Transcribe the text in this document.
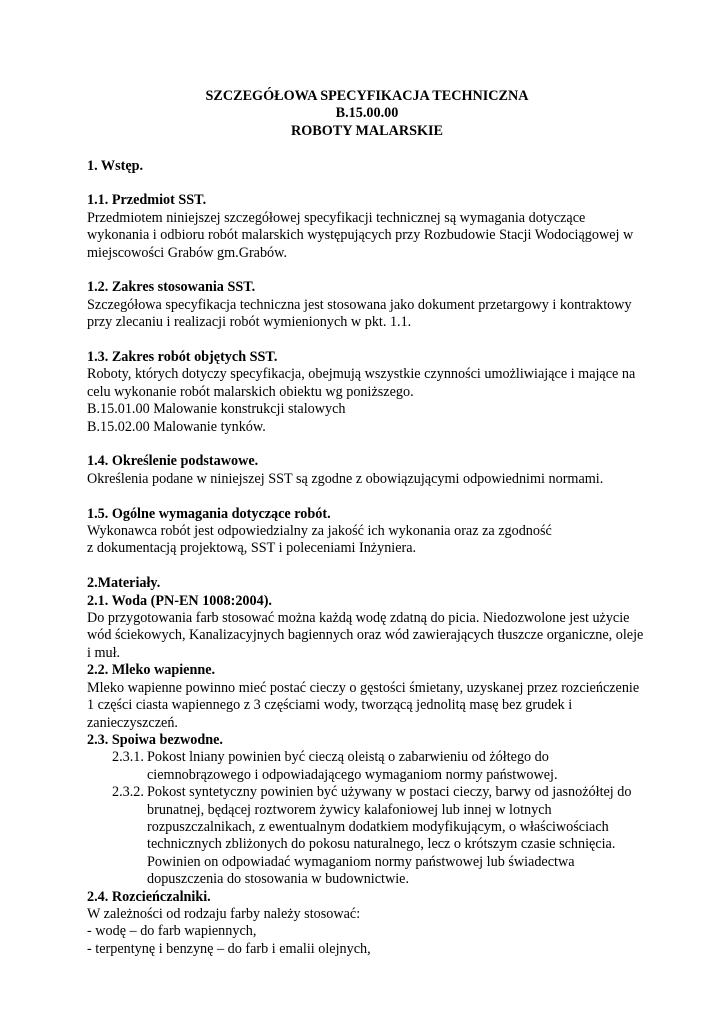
SZCZEGÓŁOWA SPECYFIKACJA TECHNICZNA

B.15.00.00

ROBOTY MALARSKIE

1. Wstęp.

1.1. Przedmiot SST.

Przedmiotem niniejszej szczegółowej specyfikacji technicznej są wymagania dotyczące wykonania i odbioru robót malarskich występujących przy Rozbudowie Stacji Wodociągowej w miejscowości Grabów gm.Grabów.

1.2. Zakres stosowania SST.

Szczegółowa specyfikacja techniczna jest stosowana jako dokument przetargowy i kontraktowy przy zlecaniu i realizacji robót wymienionych w pkt. 1.1.

1.3. Zakres robót objętych SST.

Roboty, których dotyczy specyfikacja, obejmują wszystkie czynności umożliwiające i mające na celu wykonanie robót malarskich obiektu wg poniższego.

B.15.01.00 Malowanie konstrukcji stalowych

B.15.02.00 Malowanie tynków.

1.4. Określenie podstawowe.

Określenia podane w niniejszej SST są zgodne z obowiązującymi odpowiednimi normami.

1.5. Ogólne wymagania dotyczące robót.

Wykonawca robót jest odpowiedzialny za jakość ich wykonania oraz za zgodność

z dokumentacją projektową, SST i poleceniami Inżyniera.

2.Materiały.

2.1. Woda (PN-EN 1008:2004).

Do przygotowania farb stosować można każdą wodę zdatną do picia. Niedozwolone jest użycie wód ściekowych, Kanalizacyjnych bagiennych oraz wód zawierających tłuszcze organiczne, oleje i muł.

2.2. Mleko wapienne.

Mleko wapienne powinno mieć postać cieczy o gęstości śmietany, uzyskanej przez rozcieńczenie 1 części ciasta wapiennego z 3 częściami wody, tworzącą jednolitą masę bez grudek i zanieczyszczeń.

2.3. Spoiwa bezwodne.

2.3.1. Pokost lniany powinien być cieczą oleistą o zabarwieniu od żółtego do ciemnobrązowego i odpowiadającego wymaganiom normy państwowej.
2.3.2. Pokost syntetyczny powinien być używany w postaci cieczy, barwy od jasnożółtej do brunatnej, będącej roztworem żywicy kalafoniowej lub innej w lotnych rozpuszczalnikach, z ewentualnym dodatkiem modyfikującym, o właściwościach technicznych zbliżonych do pokosu naturalnego, lecz o krótszym czasie schnięcia. Powinien on odpowiadać wymaganiom normy państwowej lub świadectwa dopuszczenia do stosowania w budownictwie.

2.4. Rozcieńczalniki.

W zależności od rodzaju farby należy stosować:

- wodę – do farb wapiennych,

- terpentynę i benzynę – do farb i emalii olejnych,
